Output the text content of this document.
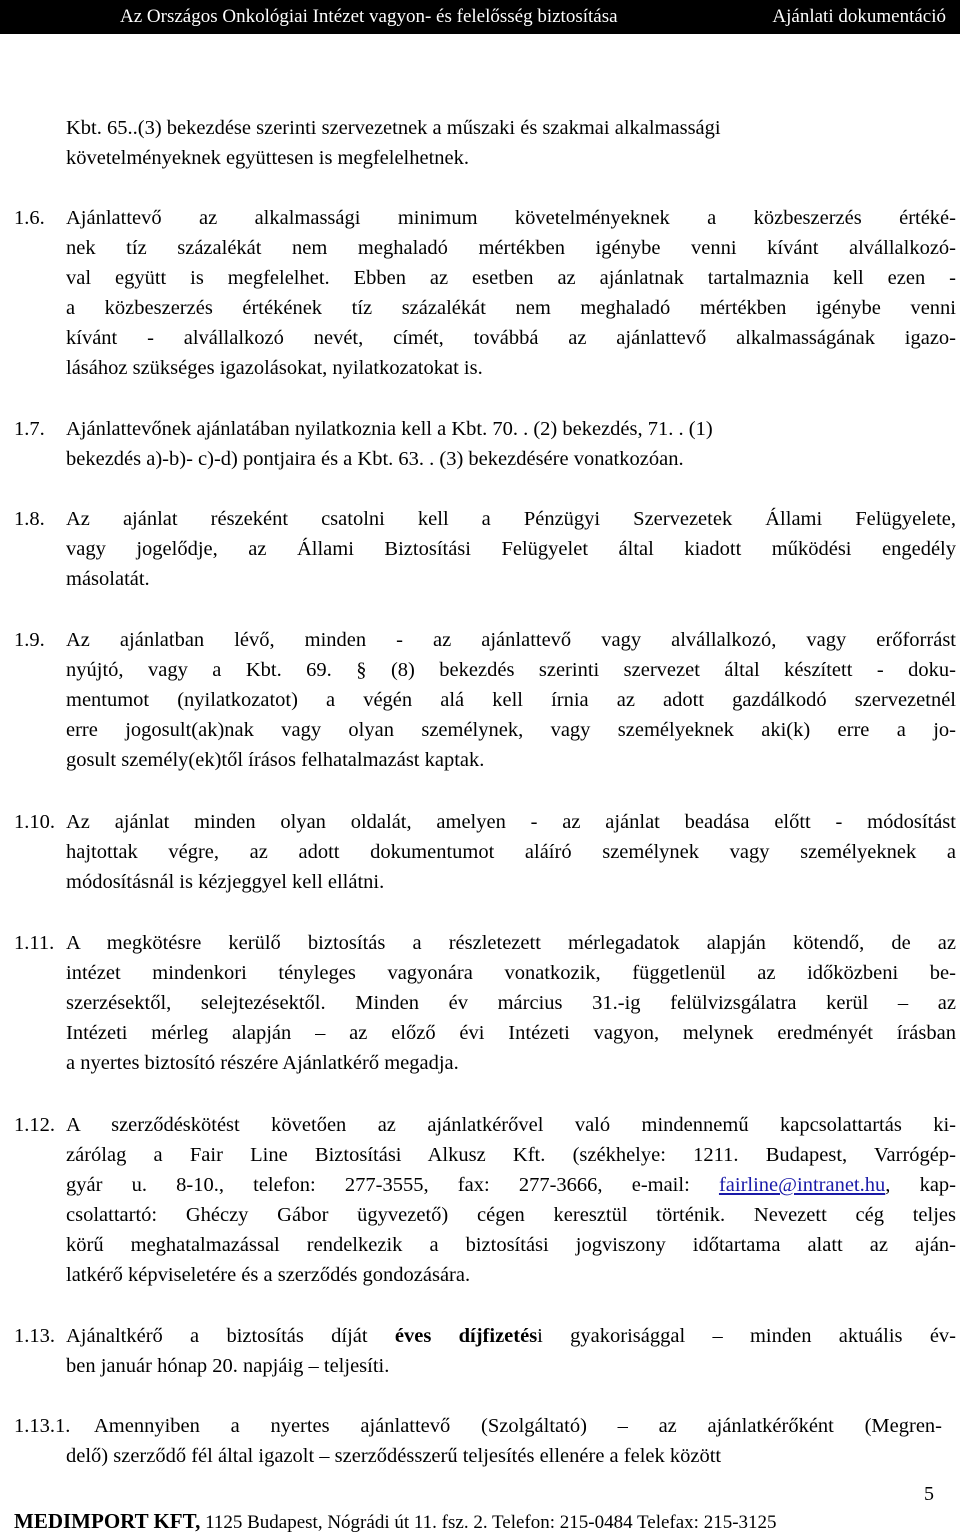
Az Országos Onkológiai Intézet vagyon- és felelősség biztosítása	Ajánlati dokumentáció
Kbt. 65..(3) bekezdése szerinti szervezetnek a műszaki és szakmai alkalmassági
követelményeknek együttesen is megfelelhetnek.
1.6. Ajánlattevő az alkalmassági minimum követelményeknek a közbeszerzés értéké-
nek tíz százalékát nem meghaladó mértékben igénybe venni kívánt alvállalkozó-
val együtt is megfelelhet. Ebben az esetben az ajánlatnak tartalmaznia kell ezen -
a közbeszerzés értékének tíz százalékát nem meghaladó mértékben igénybe venni
kívánt - alvállalkozó nevét, címét, továbbá az ajánlattevő alkalmasságának igazo-
lásához szükséges igazolásokat, nyilatkozatokat is.
1.7. Ajánlattevőnek ajánlatában nyilatkoznia kell a Kbt. 70. . (2) bekezdés, 71. . (1)
bekezdés a)-b)- c)-d) pontjaira és a Kbt. 63. . (3) bekezdésére vonatkozóan.
1.8. Az ajánlat részeként csatolni kell a Pénzügyi Szervezetek Állami Felügyelete,
vagy jogelődje, az Állami Biztosítási Felügyelet által kiadott működési engedély
másolatát.
1.9. Az ajánlatban lévő, minden - az ajánlattevő vagy alvállalkozó, vagy erőforrást
nyújtó, vagy a Kbt. 69. § (8) bekezdés szerinti szervezet által készített - doku-
mentumot (nyilatkozatot) a végén alá kell írnia az adott gazdálkodó szervezetnél
erre jogosult(ak)nak vagy olyan személynek, vagy személyeknek aki(k) erre a jo-
gosult személy(ek)től írásos felhatalmazást kaptak.
1.10. Az ajánlat minden olyan oldalát, amelyen - az ajánlat beadása előtt - módosítást
hajtottak végre, az adott dokumentumot aláíró személynek vagy személyeknek a
módosításnál is kézjeggyel kell ellátni.
1.11. A megkötésre kerülő biztosítás a részletezett mérlegadatok alapján kötendő, de az
intézet mindenkori tényleges vagyonára vonatkozik, függetlenül az időközbeni be-
szerzésektől, selejtezésektől. Minden év március 31.-ig felülvizsgálatra kerül – az
Intézeti mérleg alapján – az előző évi Intézeti vagyon, melynek eredményét írásban
a nyertes biztosító részére Ajánlatkérő megadja.
1.12. A szerződéskötést követően az ajánlatkérővel való mindennemű kapcsolattartás ki-
zárólag a Fair Line Biztosítási Alkusz Kft. (székhelye: 1211. Budapest, Varrógép-
gyár u. 8-10., telefon: 277-3555, fax: 277-3666, e-mail: fairline@intranet.hu, kap-
csolattartó: Ghéczy Gábor ügyvezető) cégen keresztül történik. Nevezett cég teljes
körű meghatalmazással rendelkezik a biztosítási jogviszony időtartama alatt az aján-
latkérő képviseletére és a szerződés gondozására.
1.13. Ajánaltkérő a biztosítás díját éves díjfizetési gyakorisággal – minden aktuális év-
ben január hónap 20. napjáig – teljesíti.
1.13.1. Amennyiben a nyertes ajánlattevő (Szolgáltató) – az ajánlatkérőként (Megren-
delő) szerződő fél által igazolt – szerződésszerű teljesítés ellenére a felek között
5
MEDIMPORT KFT, 1125 Budapest, Nógrádi út 11. fsz. 2. Telefon: 215-0484 Telefax: 215-3125
